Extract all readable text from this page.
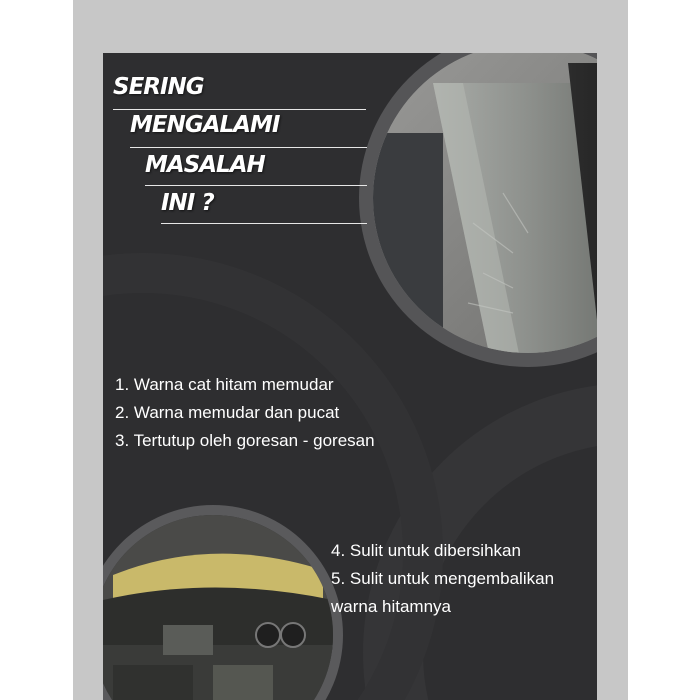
SERING
MENGALAMI
MASALAH
INI ?
1. Warna cat hitam memudar
2. Warna memudar dan pucat
3. Tertutup oleh goresan - goresan
4. Sulit untuk dibersihkan
5. Sulit untuk mengembalikan
warna hitamnya
